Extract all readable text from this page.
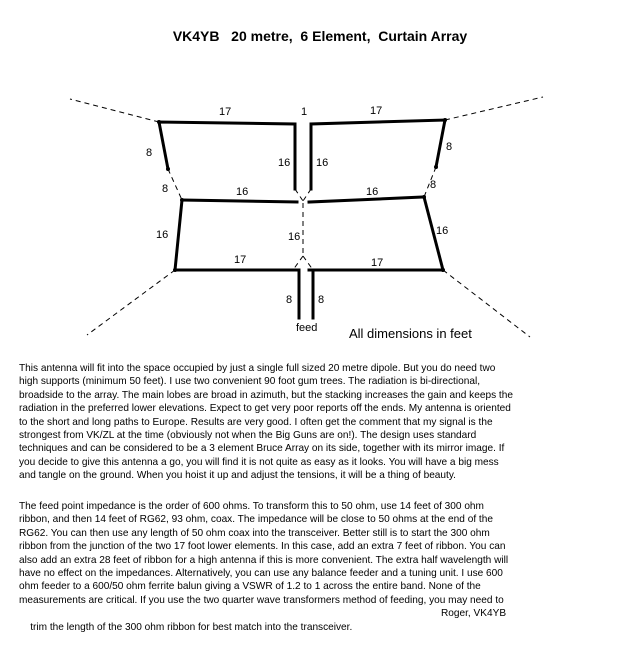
VK4YB   20 metre,  6 Element,  Curtain Array
17	1	17
8	8
16 16
8	8
16	16
16	16
16
17	17
8 8
feed All dimensions in feet

This antenna will fit into the space occupied by just a single full sized 20 metre dipole. But you do need two
high supports (minimum 50 feet). I use two convenient 90 foot gum trees. The radiation is bi-directional,
broadside to the array. The main lobes are broad in azimuth, but the stacking increases the gain and keeps the
radiation in the preferred lower elevations. Expect to get very poor reports off the ends. My antenna is oriented
to the short and long paths to Europe. Results are very good. I often get the comment that my signal is the
strongest from VK/ZL at the time (obviously not when the Big Guns are on!). The design uses standard
techniques and can be considered to be a 3 element Bruce Array on its side, together with its mirror image. If
you decide to give this antenna a go, you will find it is not quite as easy as it looks. You will have a big mess
and tangle on the ground. When you hoist it up and adjust the tensions, it will be a thing of beauty.

The feed point impedance is the order of 600 ohms. To transform this to 50 ohm, use 14 feet of 300 ohm
ribbon, and then 14 feet of RG62, 93 ohm, coax. The impedance will be close to 50 ohms at the end of the
RG62. You can then use any length of 50 ohm coax into the transceiver. Better still is to start the 300 ohm
ribbon from the junction of the two 17 foot lower elements. In this case, add an extra 7 feet of ribbon. You can
also add an extra 28 feet of ribbon for a high antenna if this is more convenient. The extra half wavelength will
have no effect on the impedances. Alternatively, you can use any balance feeder and a tuning unit. I use 600
ohm feeder to a 600/50 ohm ferrite balun giving a VSWR of 1.2 to 1 across the entire band. None of the
measurements are critical. If you use the two quarter wave transformers method of feeding, you may need to

trim the length of the 300 ohm ribbon for best match into the transceiver.
Roger, VK4YB
